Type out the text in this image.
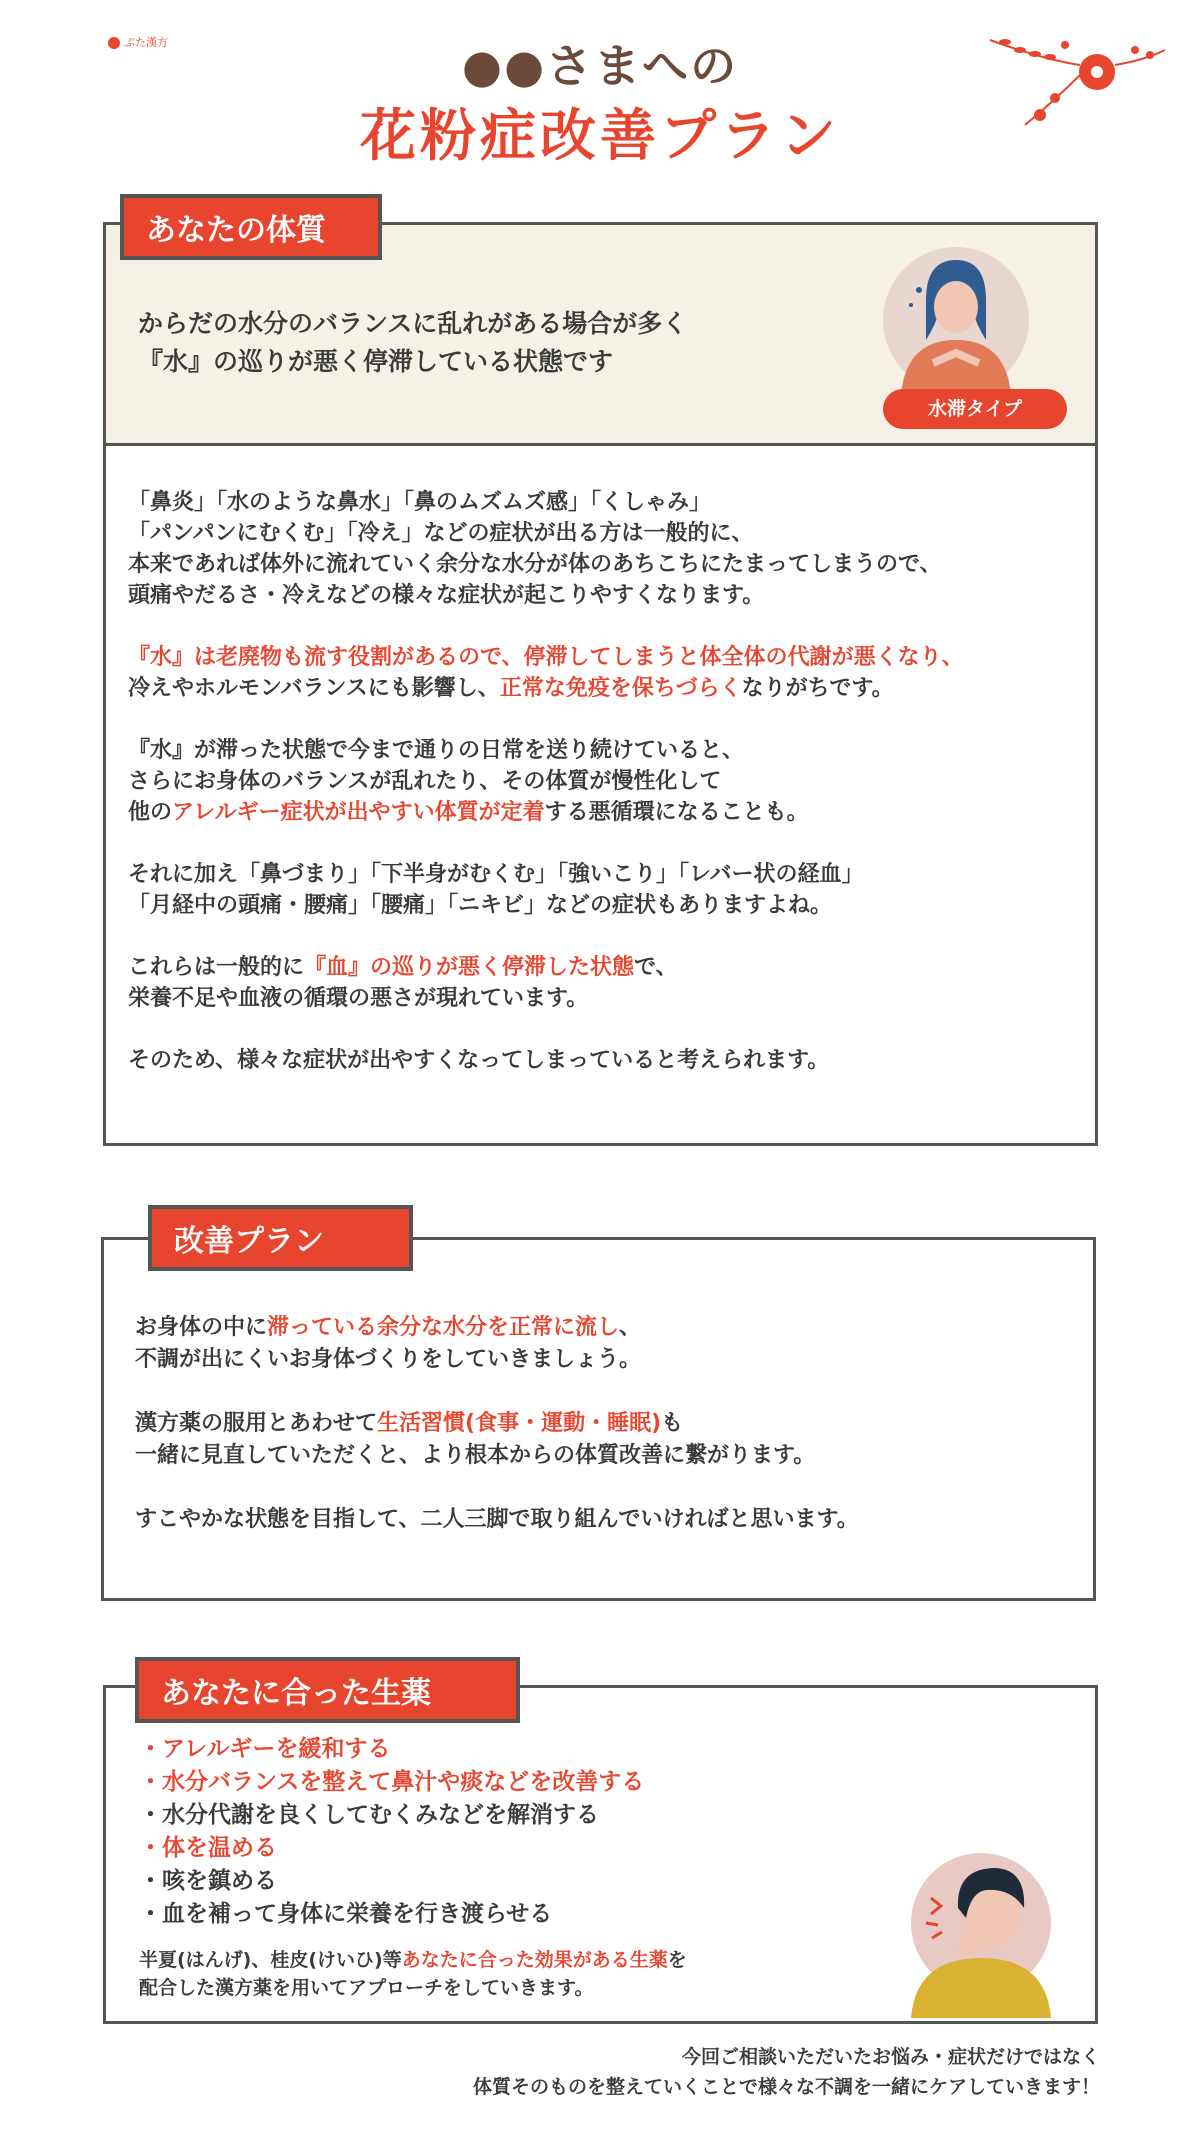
ぷた漢方	●●さまへの
花粉症改善プラン
からだの水分のバランスに乱れがある場合が多く
『水』の巡りが悪く停滞している状態です
水滞タイプ

「鼻炎」「水のような鼻水」「鼻のムズムズ感」「くしゃみ」
「パンパンにむくむ」「冷え」などの症状が出る方は一般的に、
本来であれば体外に流れていく余分な水分が体のあちこちにたまってしまうので、
頭痛やだるさ・冷えなどの様々な症状が起こりやすくなります。

『水』は老廃物も流す役割があるので、停滞してしまうと体全体の代謝が悪くなり、
冷えやホルモンバランスにも影響し、正常な免疫を保ちづらくなりがちです。

『水』が滞った状態で今まで通りの日常を送り続けていると、
さらにお身体のバランスが乱れたり、その体質が慢性化して
他のアレルギー症状が出やすい体質が定着する悪循環になることも。

それに加え「鼻づまり」「下半身がむくむ」「強いこり」「レバー状の経血」
「月経中の頭痛・腰痛」「腰痛」「ニキビ」などの症状もありますよね。

これらは一般的に『血』の巡りが悪く停滞した状態で、
栄養不足や血液の循環の悪さが現れています。

そのため、様々な症状が出やすくなってしまっていると考えられます。

あなたの体質

お身体の中に滞っている余分な水分を正常に流し、
不調が出にくいお身体づくりをしていきましょう。

漢方薬の服用とあわせて生活習慣(食事・運動・睡眠)も
一緒に見直していただくと、より根本からの体質改善に繋がります。

すこやかな状態を目指して、二人三脚で取り組んでいければと思います。

改善プラン
・アレルギーを緩和する
・水分バランスを整えて鼻汁や痰などを改善する
・水分代謝を良くしてむくみなどを解消する
・体を温める
・咳を鎮める
・血を補って身体に栄養を行き渡らせる
半夏(はんげ)、桂皮(けいひ)等あなたに合った効果がある生薬を
配合した漢方薬を用いてアプローチをしていきます。
あなたに合った生薬
今回ご相談いただいたお悩み・症状だけではなく
体質そのものを整えていくことで様々な不調を一緒にケアしていきます！
